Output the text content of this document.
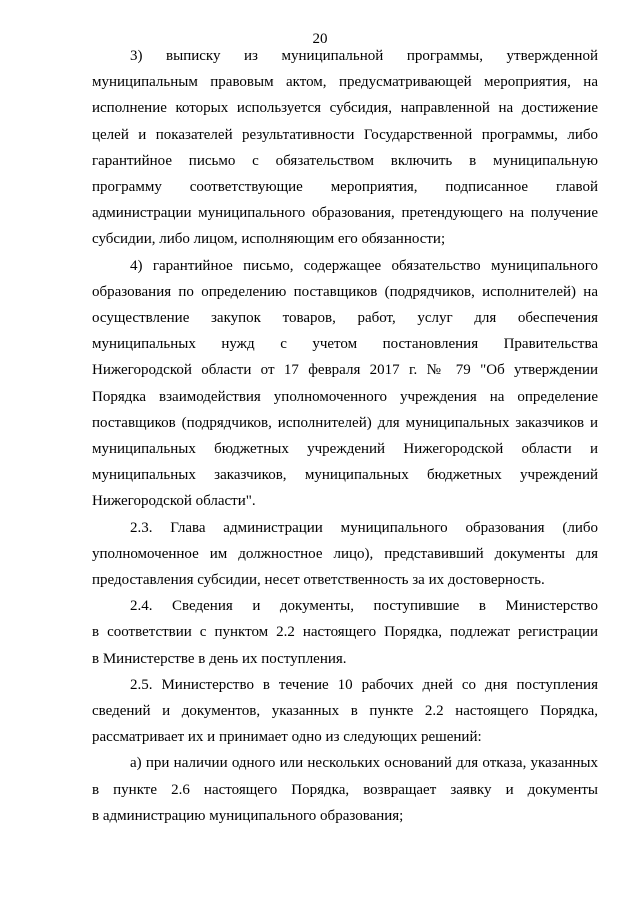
20
3) выписку из муниципальной программы, утвержденной
муниципальным правовым актом, предусматривающей мероприятия, на
исполнение которых используется субсидия, направленной на достижение
целей и показателей результативности Государственной программы, либо
гарантийное письмо с обязательством включить в муниципальную
программу соответствующие мероприятия, подписанное главой
администрации муниципального образования, претендующего на получение
субсидии, либо лицом, исполняющим его обязанности;
4) гарантийное письмо, содержащее обязательство муниципального
образования по определению поставщиков (подрядчиков, исполнителей) на
осуществление закупок товаров, работ, услуг для обеспечения
муниципальных нужд с учетом постановления Правительства
Нижегородской области от 17 февраля 2017 г. № 79 "Об утверждении
Порядка взаимодействия уполномоченного учреждения на определение
поставщиков (подрядчиков, исполнителей) для муниципальных заказчиков и
муниципальных бюджетных учреждений Нижегородской области и
муниципальных заказчиков, муниципальных бюджетных учреждений
Нижегородской области".
2.3. Глава администрации муниципального образования (либо
уполномоченное им должностное лицо), представивший документы для
предоставления субсидии, несет ответственность за их достоверность.
2.4. Сведения и документы, поступившие в Министерство
в соответствии с пунктом 2.2 настоящего Порядка, подлежат регистрации
в Министерстве в день их поступления.
2.5. Министерство в течение 10 рабочих дней со дня поступления
сведений и документов, указанных в пункте 2.2 настоящего Порядка,
рассматривает их и принимает одно из следующих решений:
а) при наличии одного или нескольких оснований для отказа, указанных
в пункте 2.6 настоящего Порядка, возвращает заявку и документы
в администрацию муниципального образования;
